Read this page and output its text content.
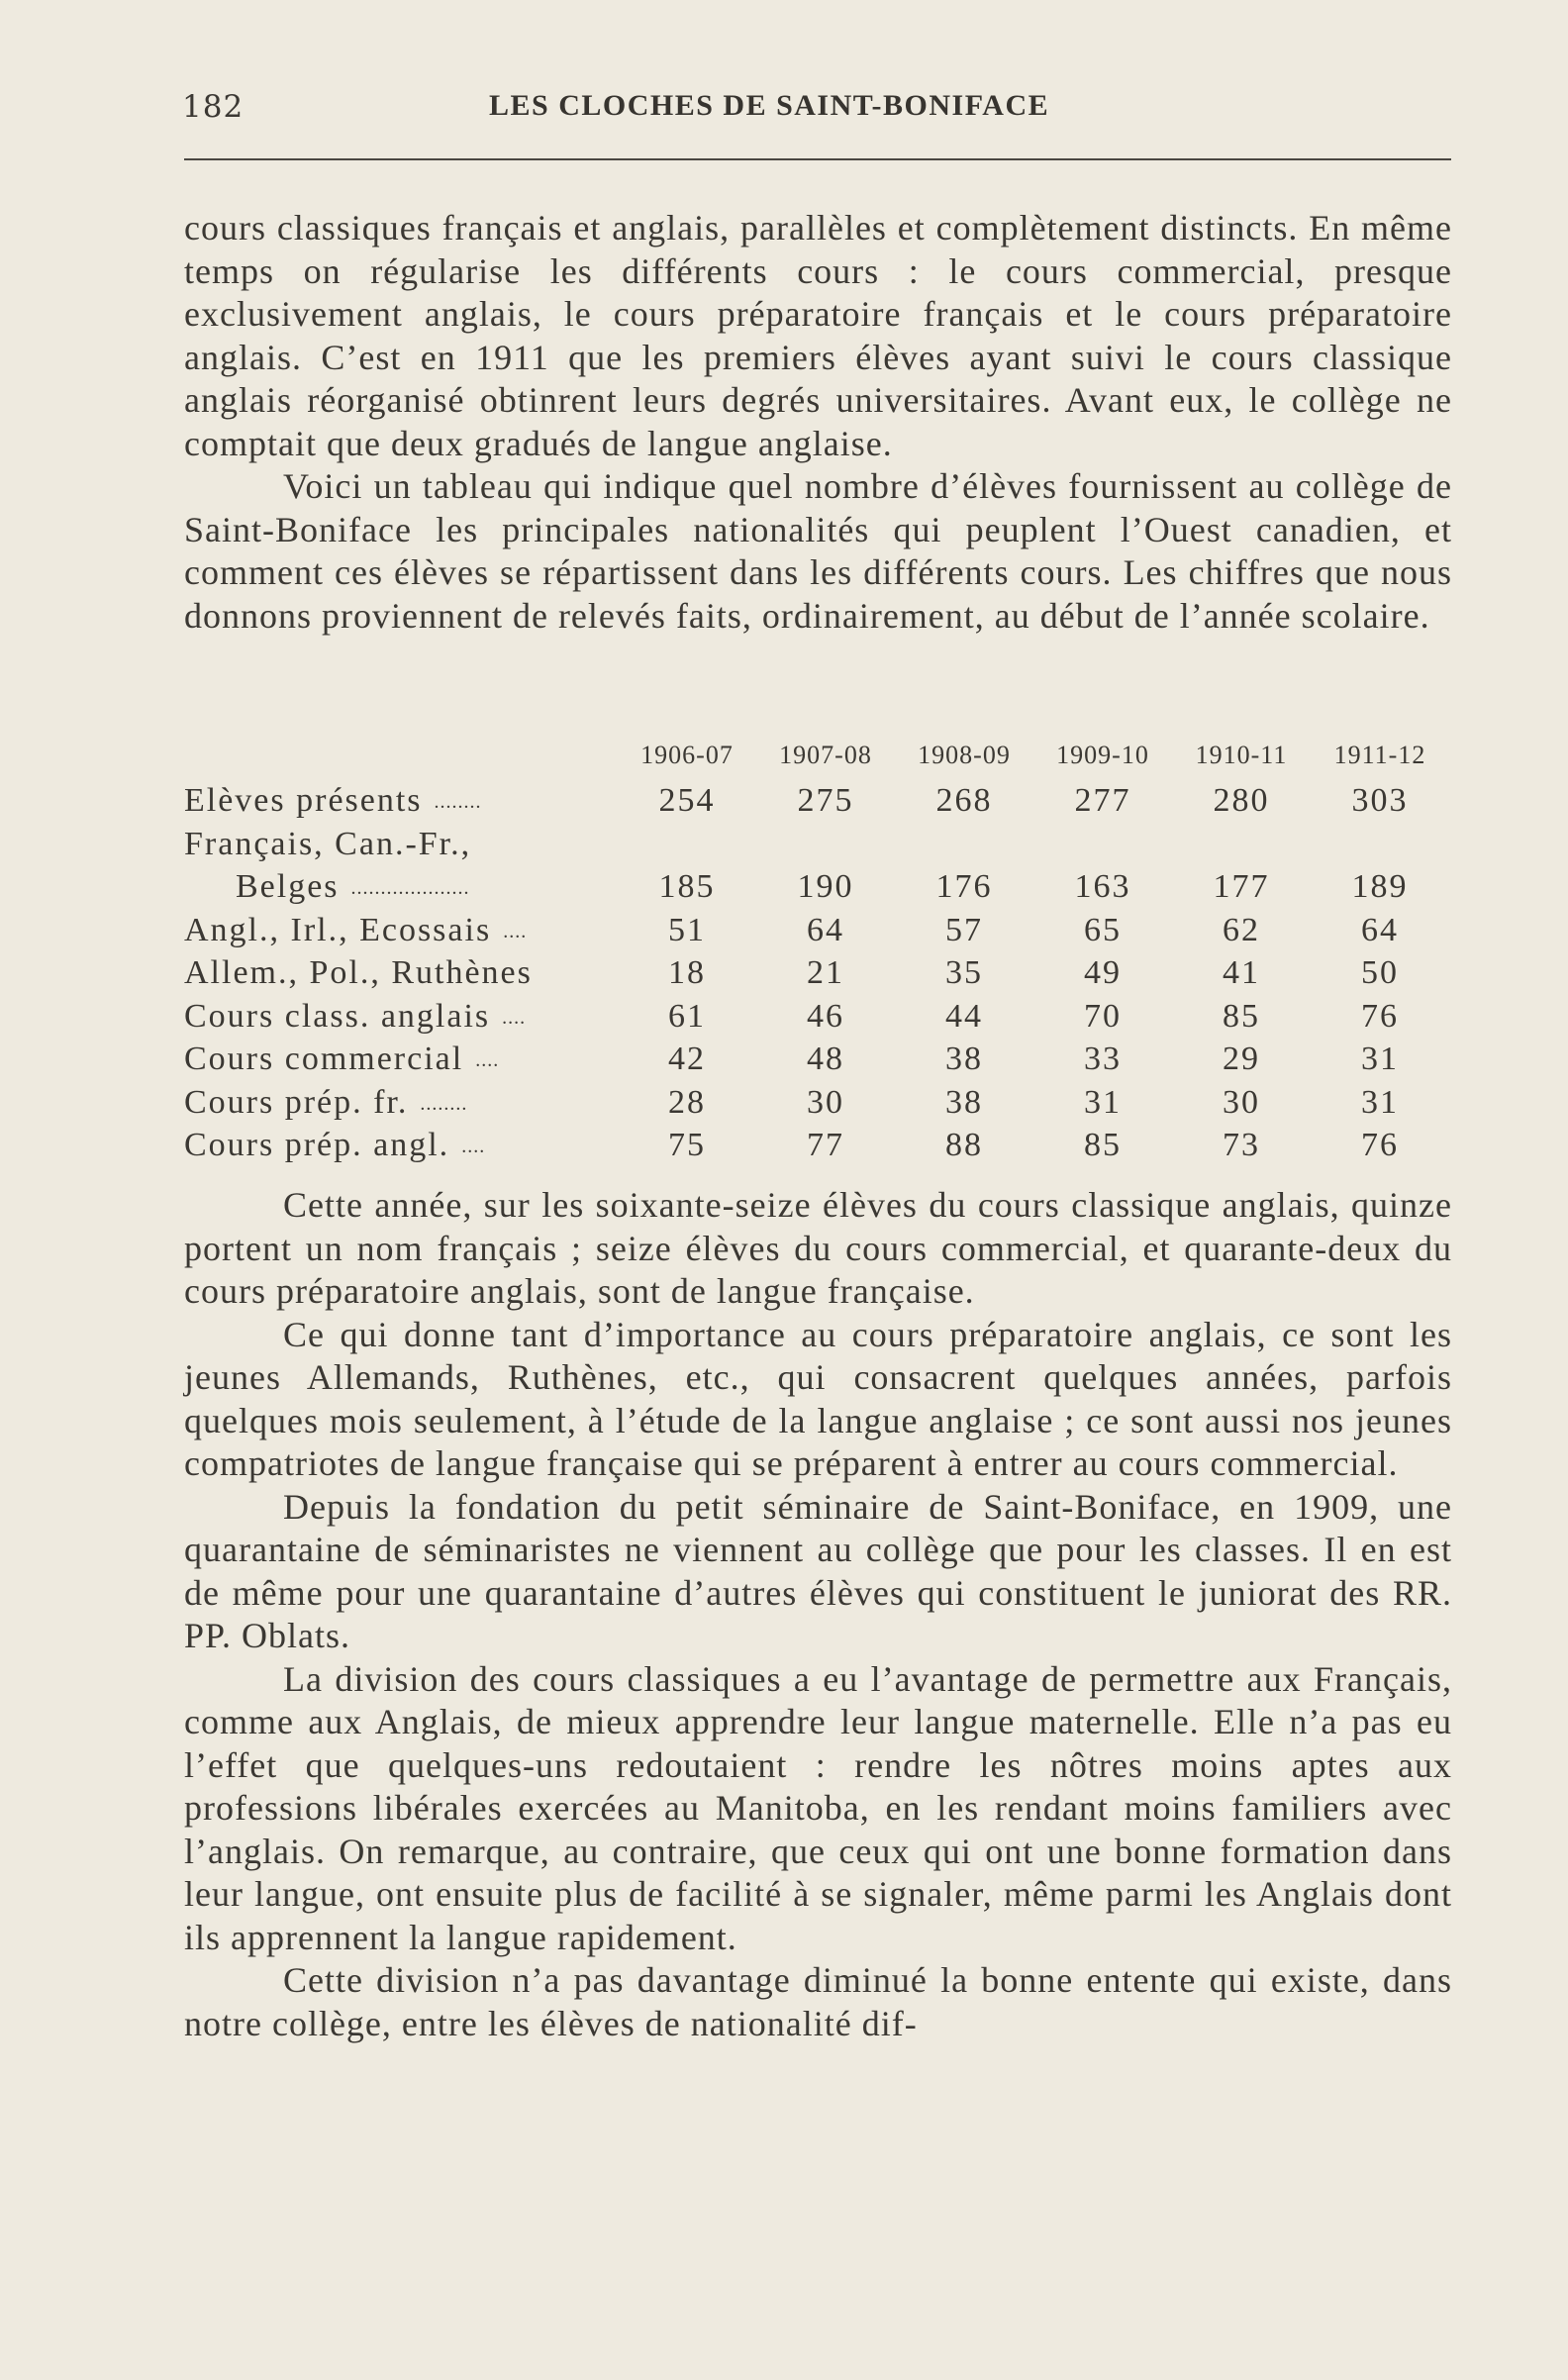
182	LES CLOCHES DE SAINT-BONIFACE

cours classiques français et anglais, parallèles et complètement distincts. En même temps on régularise les différents cours : le cours commercial, presque exclusivement anglais, le cours préparatoire français et le cours préparatoire anglais. C’est en 1911 que les premiers élèves ayant suivi le cours classique anglais réorganisé obtinrent leurs degrés universitaires. Avant eux, le collège ne comptait que deux gradués de langue anglaise.

Voici un tableau qui indique quel nombre d’élèves fournissent au collège de Saint-Boniface les principales nationalités qui peuplent l’Ouest canadien, et comment ces élèves se répartissent dans les différents cours. Les chiffres que nous donnons proviennent de relevés faits, ordinairement, au début de l’année scolaire.

1906-07	1907-08	1908-09	1909-10	1910-11	1911-12
Elèves présents ........	254	275	268	277	280	303
Français, Can.-Fr.,
Belges ....................	185	190	176	163	177	189
Angl., Irl., Ecossais ....	51	64	57	65	62	64
Allem., Pol., Ruthènes	18	21	35	49	41	50
Cours class. anglais ....	61	46	44	70	85	76
Cours commercial ....	42	48	38	33	29	31
Cours prép. fr. ........	28	30	38	31	30	31
Cours prép. angl. ....	75	77	88	85	73	76

Cette année, sur les soixante-seize élèves du cours classique anglais, quinze portent un nom français ; seize élèves du cours commercial, et quarante-deux du cours préparatoire anglais, sont de langue française.

Ce qui donne tant d’importance au cours préparatoire anglais, ce sont les jeunes Allemands, Ruthènes, etc., qui consacrent quelques années, parfois quelques mois seulement, à l’étude de la langue anglaise ; ce sont aussi nos jeunes compatriotes de langue française qui se préparent à entrer au cours commercial.

Depuis la fondation du petit séminaire de Saint-Boniface, en 1909, une quarantaine de séminaristes ne viennent au collège que pour les classes. Il en est de même pour une quarantaine d’autres élèves qui constituent le juniorat des RR. PP. Oblats.

La division des cours classiques a eu l’avantage de permettre aux Français, comme aux Anglais, de mieux apprendre leur langue maternelle. Elle n’a pas eu l’effet que quelques-uns redoutaient : rendre les nôtres moins aptes aux professions libérales exercées au Manitoba, en les rendant moins familiers avec l’anglais. On remarque, au contraire, que ceux qui ont une bonne formation dans leur langue, ont ensuite plus de facilité à se signaler, même parmi les Anglais dont ils apprennent la langue rapidement.

Cette division n’a pas davantage diminué la bonne entente qui existe, dans notre collège, entre les élèves de nationalité dif-
